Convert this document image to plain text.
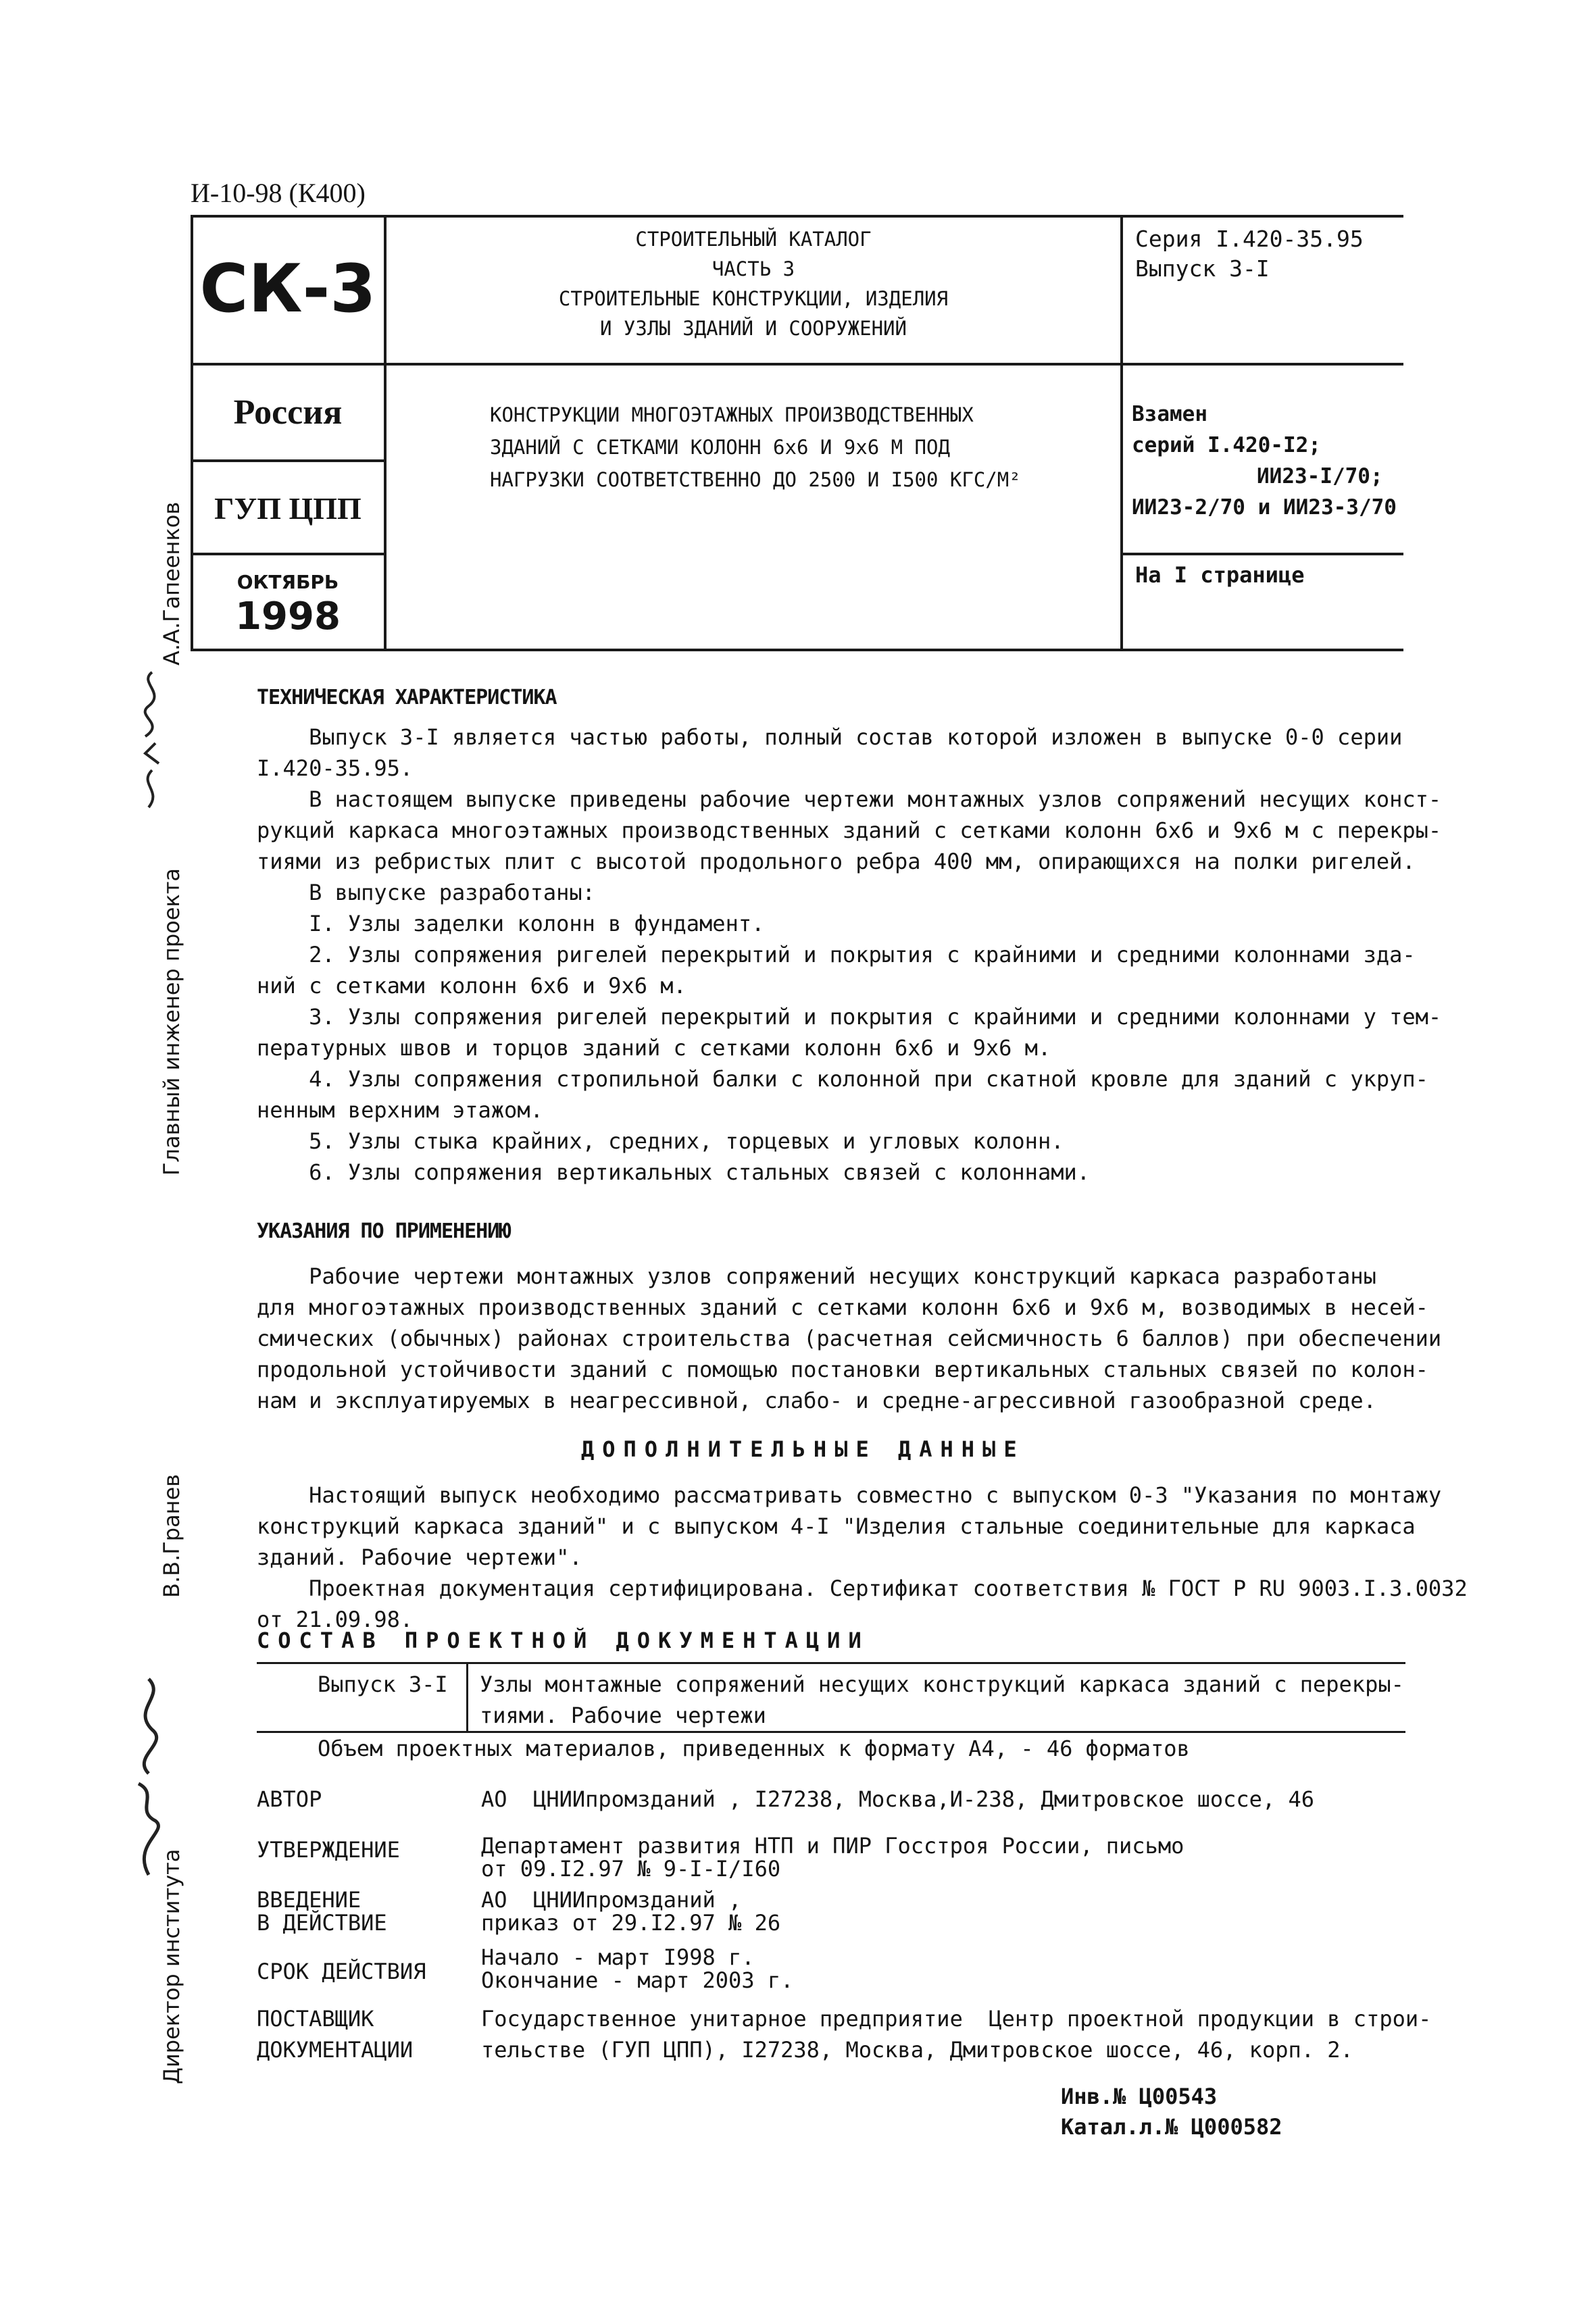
И-10-98 (К400)
СК-3
Россия
ГУП ЦПП
ОКТЯБРЬ
1998
СТРОИТЕЛЬНЫЙ КАТАЛОГ
ЧАСТЬ 3
СТРОИТЕЛЬНЫЕ КОНСТРУКЦИИ, ИЗДЕЛИЯ
И УЗЛЫ ЗДАНИЙ И СООРУЖЕНИЙ
Серия I.420-35.95
Выпуск 3-I
КОНСТРУКЦИИ МНОГОЭТАЖНЫХ ПРОИЗВОДСТВЕННЫХ
ЗДАНИЙ С СЕТКАМИ КОЛОНН 6х6 И 9х6 М ПОД
НАГРУЗКИ СООТВЕТСТВЕННО ДО 2500 И I500 КГС/М²
Взамен
серий I.420-I2;
ИИ23-I/70;
ИИ23-2/70 и ИИ23-3/70
На I странице
А.А.Гапеенков
Главный инженер проекта
В.В.Гранев
Директор института
ТЕХНИЧЕСКАЯ ХАРАКТЕРИСТИКА
Выпуск 3-I является частью работы, полный состав которой изложен в выпуске 0-0 серии
I.420-35.95.
В настоящем выпуске приведены рабочие чертежи монтажных узлов сопряжений несущих конст-
рукций каркаса многоэтажных производственных зданий с сетками колонн 6х6 и 9х6 м с перекры-
тиями из ребристых плит с высотой продольного ребра 400 мм, опирающихся на полки ригелей.
В выпуске разработаны:
I. Узлы заделки колонн в фундамент.
2. Узлы сопряжения ригелей перекрытий и покрытия с крайними и средними колоннами зда-
ний с сетками колонн 6х6 и 9х6 м.
3. Узлы сопряжения ригелей перекрытий и покрытия с крайними и средними колоннами у тем-
пературных швов и торцов зданий с сетками колонн 6х6 и 9х6 м.
4. Узлы сопряжения стропильной балки с колонной при скатной кровле для зданий с укруп-
ненным верхним этажом.
5. Узлы стыка крайних, средних, торцевых и угловых колонн.
6. Узлы сопряжения вертикальных стальных связей с колоннами.
УКАЗАНИЯ ПО ПРИМЕНЕНИЮ
Рабочие чертежи монтажных узлов сопряжений несущих конструкций каркаса разработаны
для многоэтажных производственных зданий с сетками колонн 6х6 и 9х6 м, возводимых в несей-
смических (обычных) районах строительства (расчетная сейсмичность 6 баллов) при обеспечении
продольной устойчивости зданий с помощью постановки вертикальных стальных связей по колон-
нам и эксплуатируемых в неагрессивной, слабо- и средне-агрессивной газообразной среде.
ДОПОЛНИТЕЛЬНЫЕ ДАННЫЕ
Настоящий выпуск необходимо рассматривать совместно с выпуском 0-3 "Указания по монтажу
конструкций каркаса зданий" и с выпуском 4-I "Изделия стальные соединительные для каркаса
зданий. Рабочие чертежи".
Проектная документация сертифицирована. Сертификат соответствия № ГОСТ Р RU 9003.I.3.0032
от 21.09.98.
СОСТАВ ПРОЕКТНОЙ ДОКУМЕНТАЦИИ
Выпуск 3-I Узлы монтажные сопряжений несущих конструкций каркаса зданий с перекры-
тиями. Рабочие чертежи
Объем проектных материалов, приведенных к формату А4, - 46 форматов
АВТОР	АО  ЦНИИпромзданий , I27238, Москва,И-238, Дмитровское шоссе, 46
УТВЕРЖДЕНИЕ	Департамент развития НТП и ПИР Госстроя России, письмо
от 09.I2.97 № 9-I-I/I60
ВВЕДЕНИЕ
В ДЕЙСТВИЕ
АО  ЦНИИпромзданий ,
приказ от 29.I2.97 № 26
СРОК ДЕЙСТВИЯ
Начало - март I998 г.
Окончание - март 2003 г.
ПОСТАВЩИК
ДОКУМЕНТАЦИИ
Государственное унитарное предприятие  Центр проектной продукции в строи-
тельстве (ГУП ЦПП), I27238, Москва, Дмитровское шоссе, 46, корп. 2.
Инв.№ Ц00543
Катал.л.№ Ц000582
